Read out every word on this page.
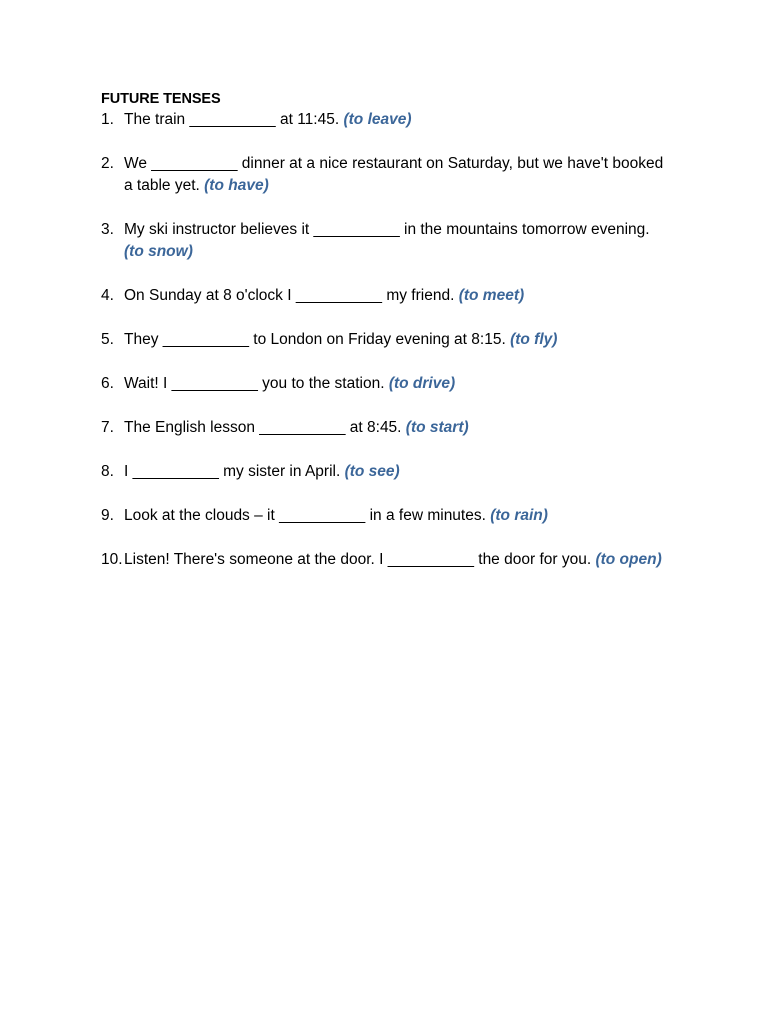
FUTURE TENSES
1. The train __________ at 11:45. (to leave)
2. We __________ dinner at a nice restaurant on Saturday, but we have't booked a table yet. (to have)
3. My ski instructor believes it __________ in the mountains tomorrow evening. (to snow)
4. On Sunday at 8 o'clock I __________ my friend. (to meet)
5. They __________ to London on Friday evening at 8:15. (to fly)
6. Wait! I __________ you to the station. (to drive)
7. The English lesson __________ at 8:45. (to start)
8. I __________ my sister in April. (to see)
9. Look at the clouds – it __________ in a few minutes. (to rain)
10. Listen! There's someone at the door. I __________ the door for you. (to open)
